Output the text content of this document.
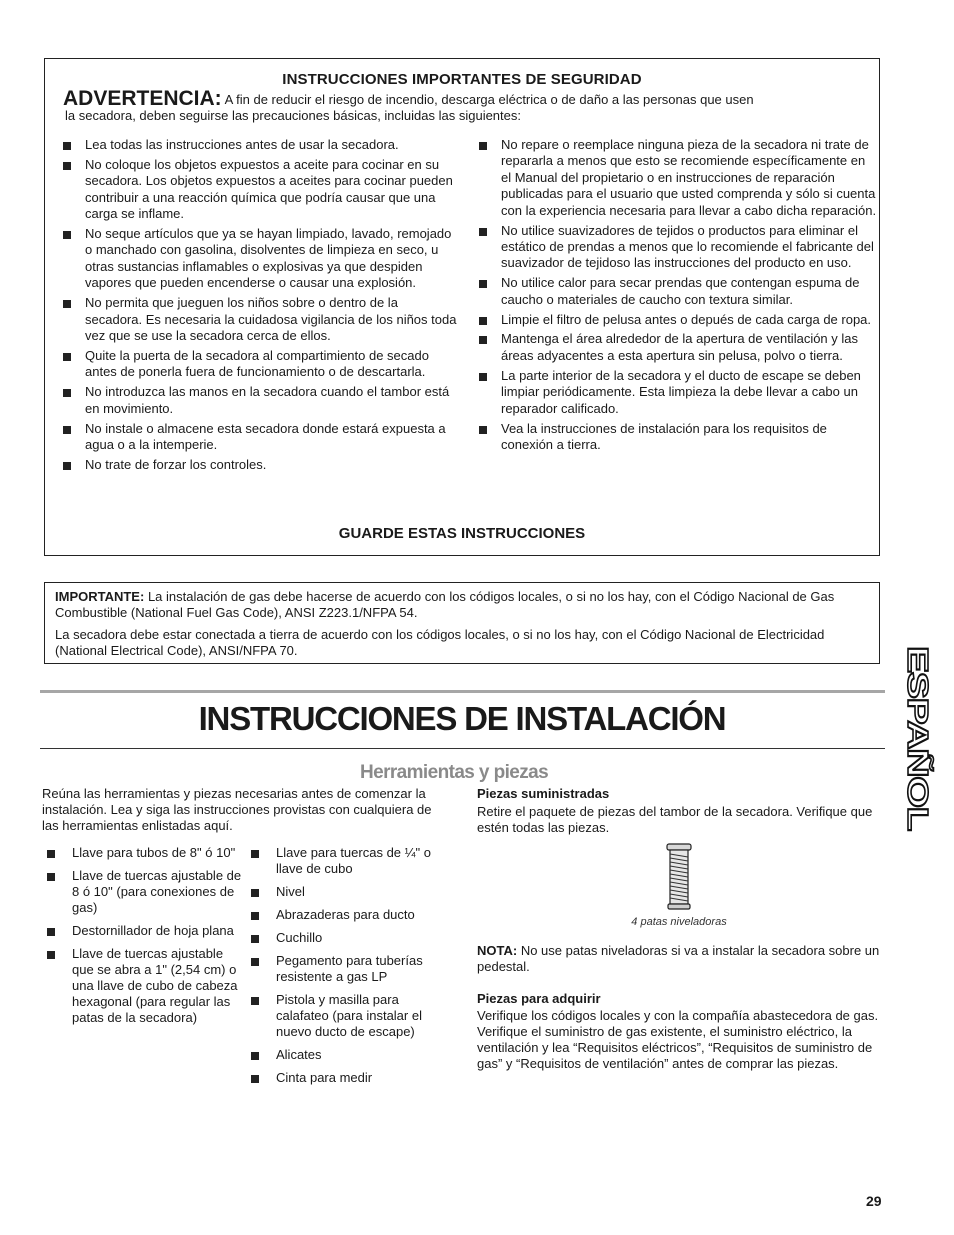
INSTRUCCIONES IMPORTANTES DE SEGURIDAD
ADVERTENCIA: A fin de reducir el riesgo de incendio, descarga eléctrica o de daño a las personas que usen
la secadora, deben seguirse las precauciones básicas, incluidas las siguientes:
Lea todas las instrucciones antes de usar la secadora.
No coloque los objetos expuestos a aceite para cocinar en su secadora. Los objetos expuestos a aceites para cocinar pueden contribuir a una reacción química que podría causar que una carga se inflame.
No seque artículos que ya se hayan limpiado, lavado, remojado o manchado con gasolina, disolventes de limpieza en seco, u otras sustancias inflamables o explosivas ya que despiden vapores que pueden encenderse o causar una explosión.
No permita que jueguen los niños sobre o dentro de la secadora. Es necesaria la cuidadosa vigilancia de los niños toda vez que se use la secadora cerca de ellos.
Quite la puerta de la secadora al compartimiento de secado antes de ponerla fuera de funcionamiento o de descartarla.
No introduzca las manos en la secadora cuando el tambor está en movimiento.
No instale o almacene esta secadora donde estará expuesta a agua o a la intemperie.
No trate de forzar los controles.
No repare o reemplace ninguna pieza de la secadora ni trate de repararla a menos que esto se recomiende específicamente en el Manual del propietario o en instrucciones de reparación publicadas para el usuario que usted comprenda y sólo si cuenta con la experiencia necesaria para llevar a cabo dicha reparación.
No utilice suavizadores de tejidos o productos para eliminar el estático de prendas a menos que lo recomiende el fabricante del suavizador de tejidoso las instrucciones del producto en uso.
No utilice calor para secar prendas que contengan espuma de caucho o materiales de caucho con textura similar.
Limpie el filtro de pelusa antes o depués de cada carga de ropa.
Mantenga el área alrededor de la apertura de ventilación y las áreas adyacentes a esta apertura sin pelusa, polvo o tierra.
La parte interior de la secadora y el ducto de escape se deben limpiar periódicamente. Esta limpieza la debe llevar a cabo un reparador calificado.
Vea la instrucciones de instalación para los requisitos de conexión a tierra.
GUARDE ESTAS INSTRUCCIONES

IMPORTANTE: La instalación de gas debe hacerse de acuerdo con los códigos locales, o si no los hay, con el Código Nacional de Gas Combustible (National Fuel Gas Code), ANSI Z223.1/NFPA 54.

La secadora debe estar conectada a tierra de acuerdo con los códigos locales, o si no los hay, con el Código Nacional de Electricidad (National Electrical Code), ANSI/NFPA 70.

INSTRUCCIONES DE INSTALACIÓN	ESPAÑOL
Herramientas y piezas
Reúna las herramientas y piezas necesarias antes de comenzar la instalación. Lea y siga las instrucciones provistas con cualquiera de las herramientas enlistadas aquí.
Llave para tubos de 8" ó 10"
Llave de tuercas ajustable de 8 ó 10" (para conexiones de gas)
Destornillador de hoja plana
Llave de tuercas ajustable que se abra a 1" (2,54 cm) o una llave de cubo de cabeza hexagonal (para regular las patas de la secadora)
Llave para tuercas de ¼" o llave de cubo
Nivel
Abrazaderas para ducto
Cuchillo
Pegamento para tuberías resistente a gas LP
Pistola y masilla para calafateo (para instalar el nuevo ducto de escape)
Alicates
Cinta para medir
Piezas suministradas
Retire el paquete de piezas del tambor de la secadora. Verifique que estén todas las piezas.
4 patas niveladoras
NOTA: No use patas niveladoras si va a instalar la secadora sobre un pedestal.
Piezas para adquirir
Verifique los códigos locales y con la compañía abastecedora de gas. Verifique el suministro de gas existente, el suministro eléctrico, la ventilación y lea “Requisitos eléctricos”, “Requisitos de suministro de gas” y “Requisitos de ventilación” antes de comprar las piezas.
29
